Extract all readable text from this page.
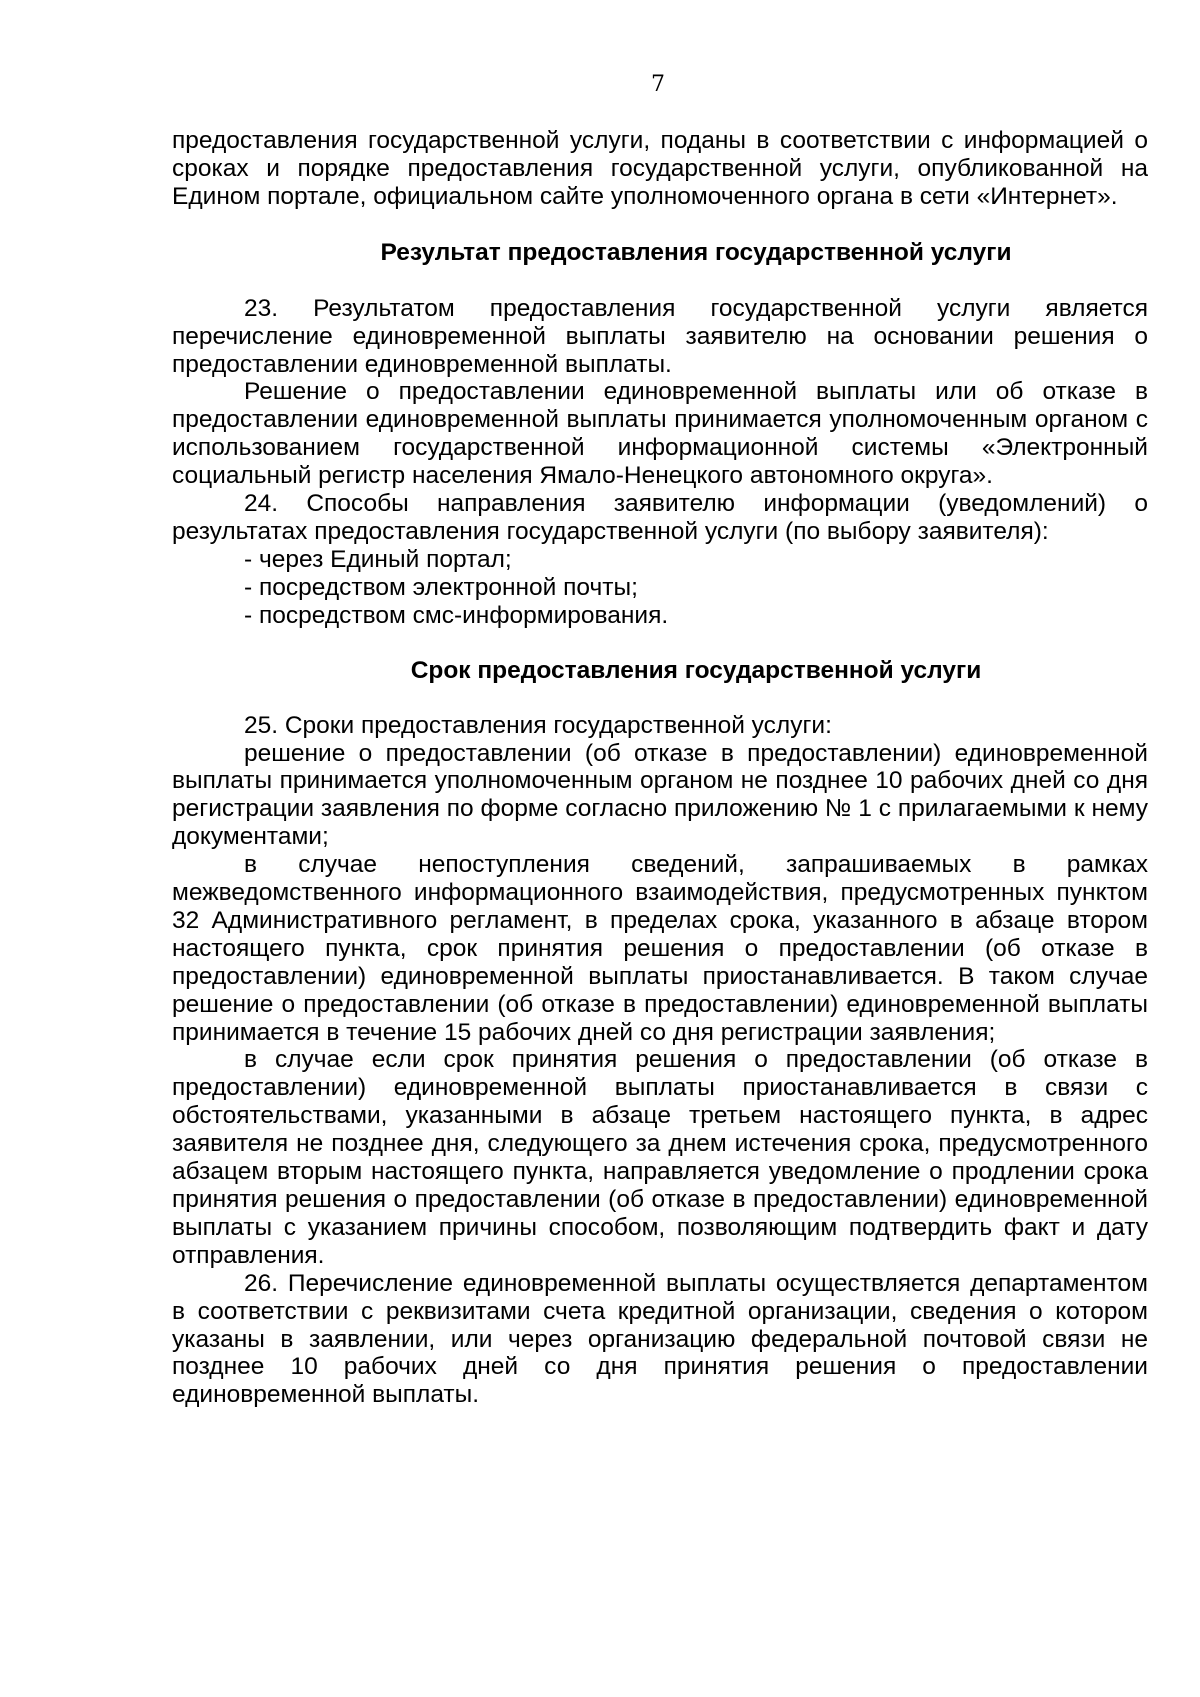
7

предоставления государственной услуги, поданы в соответствии с информацией о сроках и порядке предоставления государственной услуги, опубликованной на Едином портале, официальном сайте уполномоченного органа в сети «Интернет».

Результат предоставления государственной услуги

23. Результатом предоставления государственной услуги является перечисление единовременной выплаты заявителю на основании решения о предоставлении единовременной выплаты.

Решение о предоставлении единовременной выплаты или об отказе в предоставлении единовременной выплаты принимается уполномоченным органом с использованием государственной информационной системы «Электронный социальный регистр населения Ямало-Ненецкого автономного округа».

24. Способы направления заявителю информации (уведомлений) о результатах предоставления государственной услуги (по выбору заявителя):

- через Единый портал;

- посредством электронной почты;

- посредством смс-информирования.

Срок предоставления государственной услуги

25. Сроки предоставления государственной услуги:

решение о предоставлении (об отказе в предоставлении) единовременной выплаты принимается уполномоченным органом не позднее 10 рабочих дней со дня регистрации заявления по форме согласно приложению № 1 с прилагаемыми к нему документами;

в случае непоступления сведений, запрашиваемых в рамках межведомственного информационного взаимодействия, предусмотренных пунктом 32 Административного регламент, в пределах срока, указанного в абзаце втором настоящего пункта, срок принятия решения о предоставлении (об отказе в предоставлении) единовременной выплаты приостанавливается. В таком случае решение о предоставлении (об отказе в предоставлении) единовременной выплаты принимается в течение 15 рабочих дней со дня регистрации заявления;

в случае если срок принятия решения о предоставлении (об отказе в предоставлении) единовременной выплаты приостанавливается в связи с обстоятельствами, указанными в абзаце третьем настоящего пункта, в адрес заявителя не позднее дня, следующего за днем истечения срока, предусмотренного абзацем вторым настоящего пункта, направляется уведомление о продлении срока принятия решения о предоставлении (об отказе в предоставлении) единовременной выплаты с указанием причины способом, позволяющим подтвердить факт и дату отправления.

26. Перечисление единовременной выплаты осуществляется департаментом в соответствии с реквизитами счета кредитной организации, сведения о котором указаны в заявлении, или через организацию федеральной почтовой связи не позднее 10 рабочих дней со дня принятия решения о предоставлении единовременной выплаты.
